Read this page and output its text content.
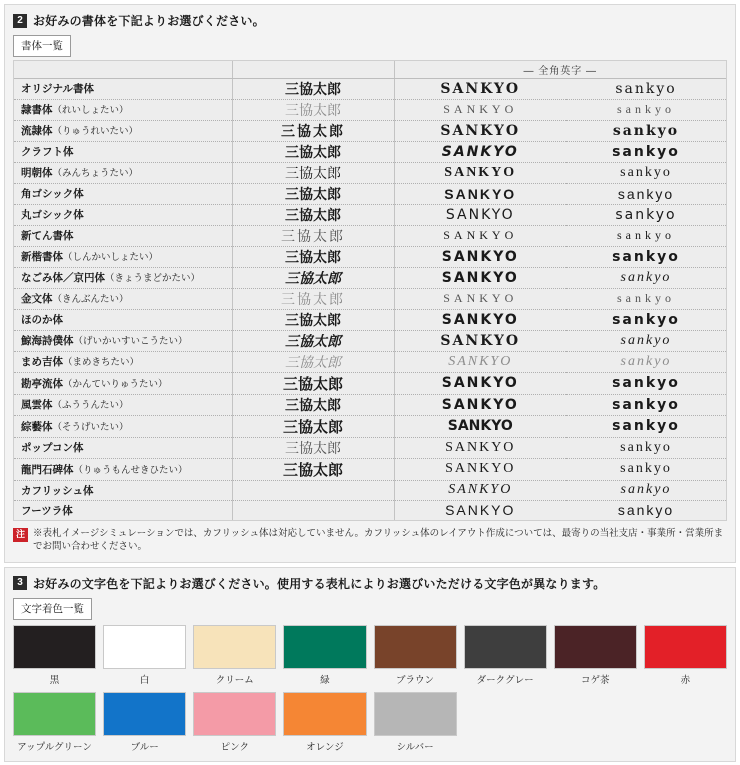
2 お好みの書体を下記よりお選びください。
書体一覧
		— 全角英字 —	
オリジナル書体	三協太郎	SANKYO	sankyo
隷書体（れいしょたい）	三協太郎	SANKYO	sankyo
流隷体（りゅうれいたい）	三協太郎	SANKYO	sankyo
クラフト体	三協太郎	SANKYO	sankyo
明朝体（みんちょうたい）	三協太郎	SANKYO	sankyo
角ゴシック体	三協太郎	SANKYO	sankyo
丸ゴシック体	三協太郎	SANKYO	sankyo
新てん書体	三協太郎	SANKYO	sankyo
新楷書体（しんかいしょたい）	三協太郎	SANKYO	sankyo
なごみ体／京円体（きょうまどかたい）	三協太郎	SANKYO	sankyo
金文体（きんぶんたい）	三協太郎	SANKYO	sankyo
ほのか体	三協太郎	SANKYO	sankyo
鯨海詩僕体（げいかいすいこうたい）	三協太郎	SANKYO	sankyo
まめ吉体（まめきちたい）	三協太郎	SANKYO	sankyo
勘亭流体（かんていりゅうたい）	三協太郎	SANKYO	sankyo
風雲体（ふううんたい）	三協太郎	SANKYO	sankyo
綜藝体（そうげいたい）	三協太郎	SANKYO	sankyo
ポップコン体	三協太郎	SANKYO	sankyo
龍門石碑体（りゅうもんせきひたい）	三協太郎	SANKYO	sankyo
カフリッシュ体		SANKYO	sankyo
フーツラ体		SANKYO	sankyo
注 ※表札イメージシミュレーションでは、カフリッシュ体は対応していません。カフリッシュ体のレイアウト作成については、最寄りの当社支店・事業所・営業所までお問い合わせください。
3 お好みの文字色を下記よりお選びください。使用する表札によりお選びいただける文字色が異なります。
文字着色一覧
黒	白	クリーム	緑	ブラウン	ダークグレー	コゲ茶	赤
アップルグリーン	ブルー	ピンク	オレンジ	シルバー
